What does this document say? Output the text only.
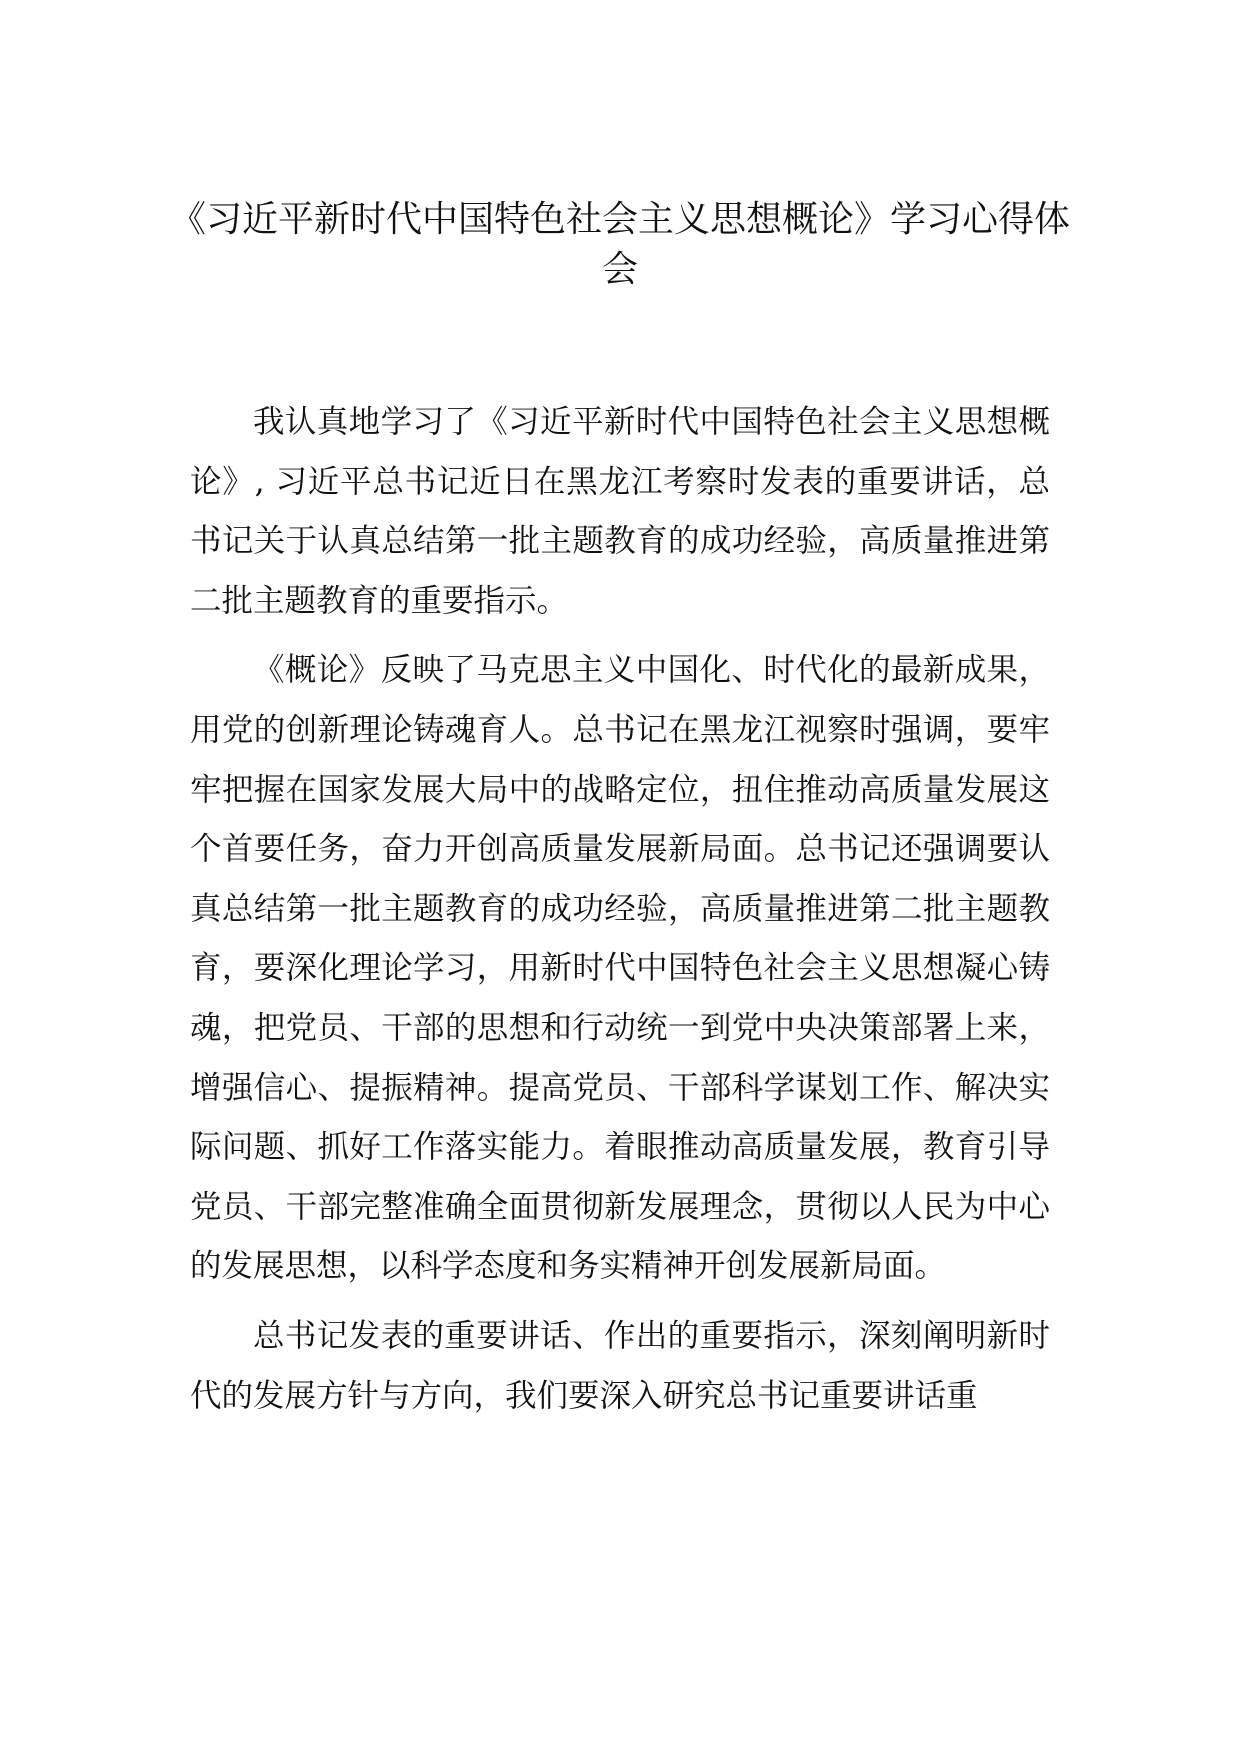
《习近平新时代中国特色社会主义思想概论》学习心得体会

我认真地学习了《习近平新时代中国特色社会主义思想概论》, 习近平总书记近日在黑龙江考察时发表的重要讲话，总书记关于认真总结第一批主题教育的成功经验，高质量推进第二批主题教育的重要指示。

《概论》反映了马克思主义中国化、时代化的最新成果，用党的创新理论铸魂育人。总书记在黑龙江视察时强调，要牢牢把握在国家发展大局中的战略定位，扭住推动高质量发展这个首要任务，奋力开创高质量发展新局面。总书记还强调要认真总结第一批主题教育的成功经验，高质量推进第二批主题教育，要深化理论学习，用新时代中国特色社会主义思想凝心铸魂，把党员、干部的思想和行动统一到党中央决策部署上来，增强信心、提振精神。提高党员、干部科学谋划工作、解决实际问题、抓好工作落实能力。着眼推动高质量发展，教育引导党员、干部完整准确全面贯彻新发展理念，贯彻以人民为中心的发展思想，以科学态度和务实精神开创发展新局面。

总书记发表的重要讲话、作出的重要指示，深刻阐明新时代的发展方针与方向，我们要深入研究总书记重要讲话重
